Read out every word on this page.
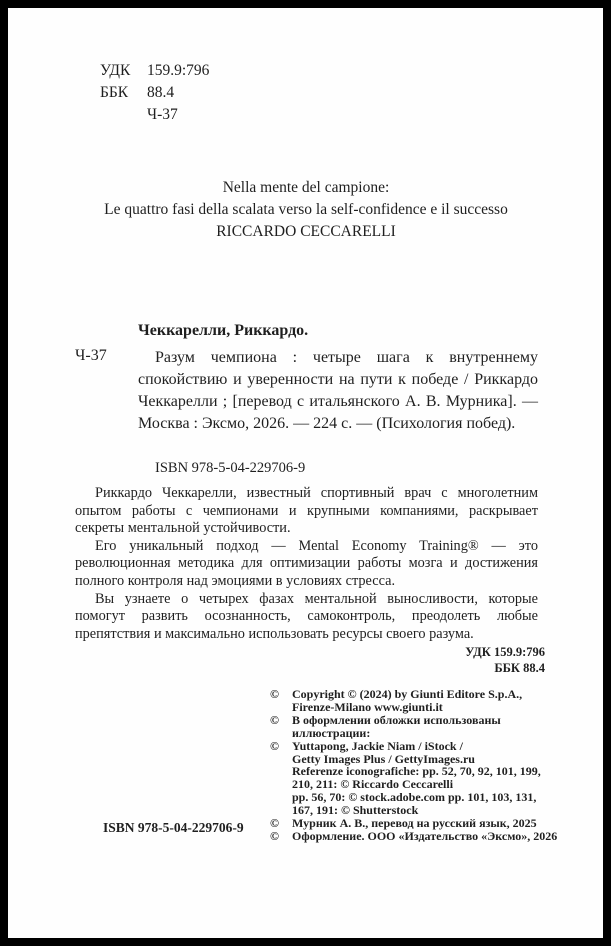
УДК 159.9:796
ББК 88.4
Ч-37
Nella mente del campione:
Le quattro fasi della scalata verso la self-confidence e il successo
RICCARDO CECCARELLI
Чеккарелли, Риккардо.
Ч-37	Разум чемпиона : четыре шага к внутреннему спокойствию и уверенности на пути к победе / Риккардо Чеккарелли ; [перевод с итальянского А. В. Мурника]. — Москва : Эксмо, 2026. — 224 с. — (Психология побед).
ISBN 978-5-04-229706-9

Риккардо Чеккарелли, известный спортивный врач с многолетним опытом работы с чемпионами и крупными компаниями, раскрывает секреты ментальной устойчивости.

Его уникальный подход — Mental Economy Training® — это революционная методика для оптимизации работы мозга и достижения полного контроля над эмоциями в условиях стресса.

Вы узнаете о четырех фазах ментальной выносливости, которые помогут развить осознанность, самоконтроль, преодолеть любые препятствия и максимально использовать ресурсы своего разума.

УДК 159.9:796
ББК 88.4
©	Copyright © (2024) by Giunti Editore S.p.A.,
Firenze-Milano www.giunti.it
©	В оформлении обложки использованы
иллюстрации:
©	Yuttapong, Jackie Niam / iStock /
Getty Images Plus / GettyImages.ru
Referenze iconografiche: pp. 52, 70, 92, 101, 199,
210, 211: © Riccardo Ceccarelli
pp. 56, 70: © stock.adobe.com pp. 101, 103, 131,
167, 191: © Shutterstock
©	Мурник А. В., перевод на русский язык, 2025
©	Оформление. ООО «Издательство «Эксмо», 2026
ISBN 978-5-04-229706-9
